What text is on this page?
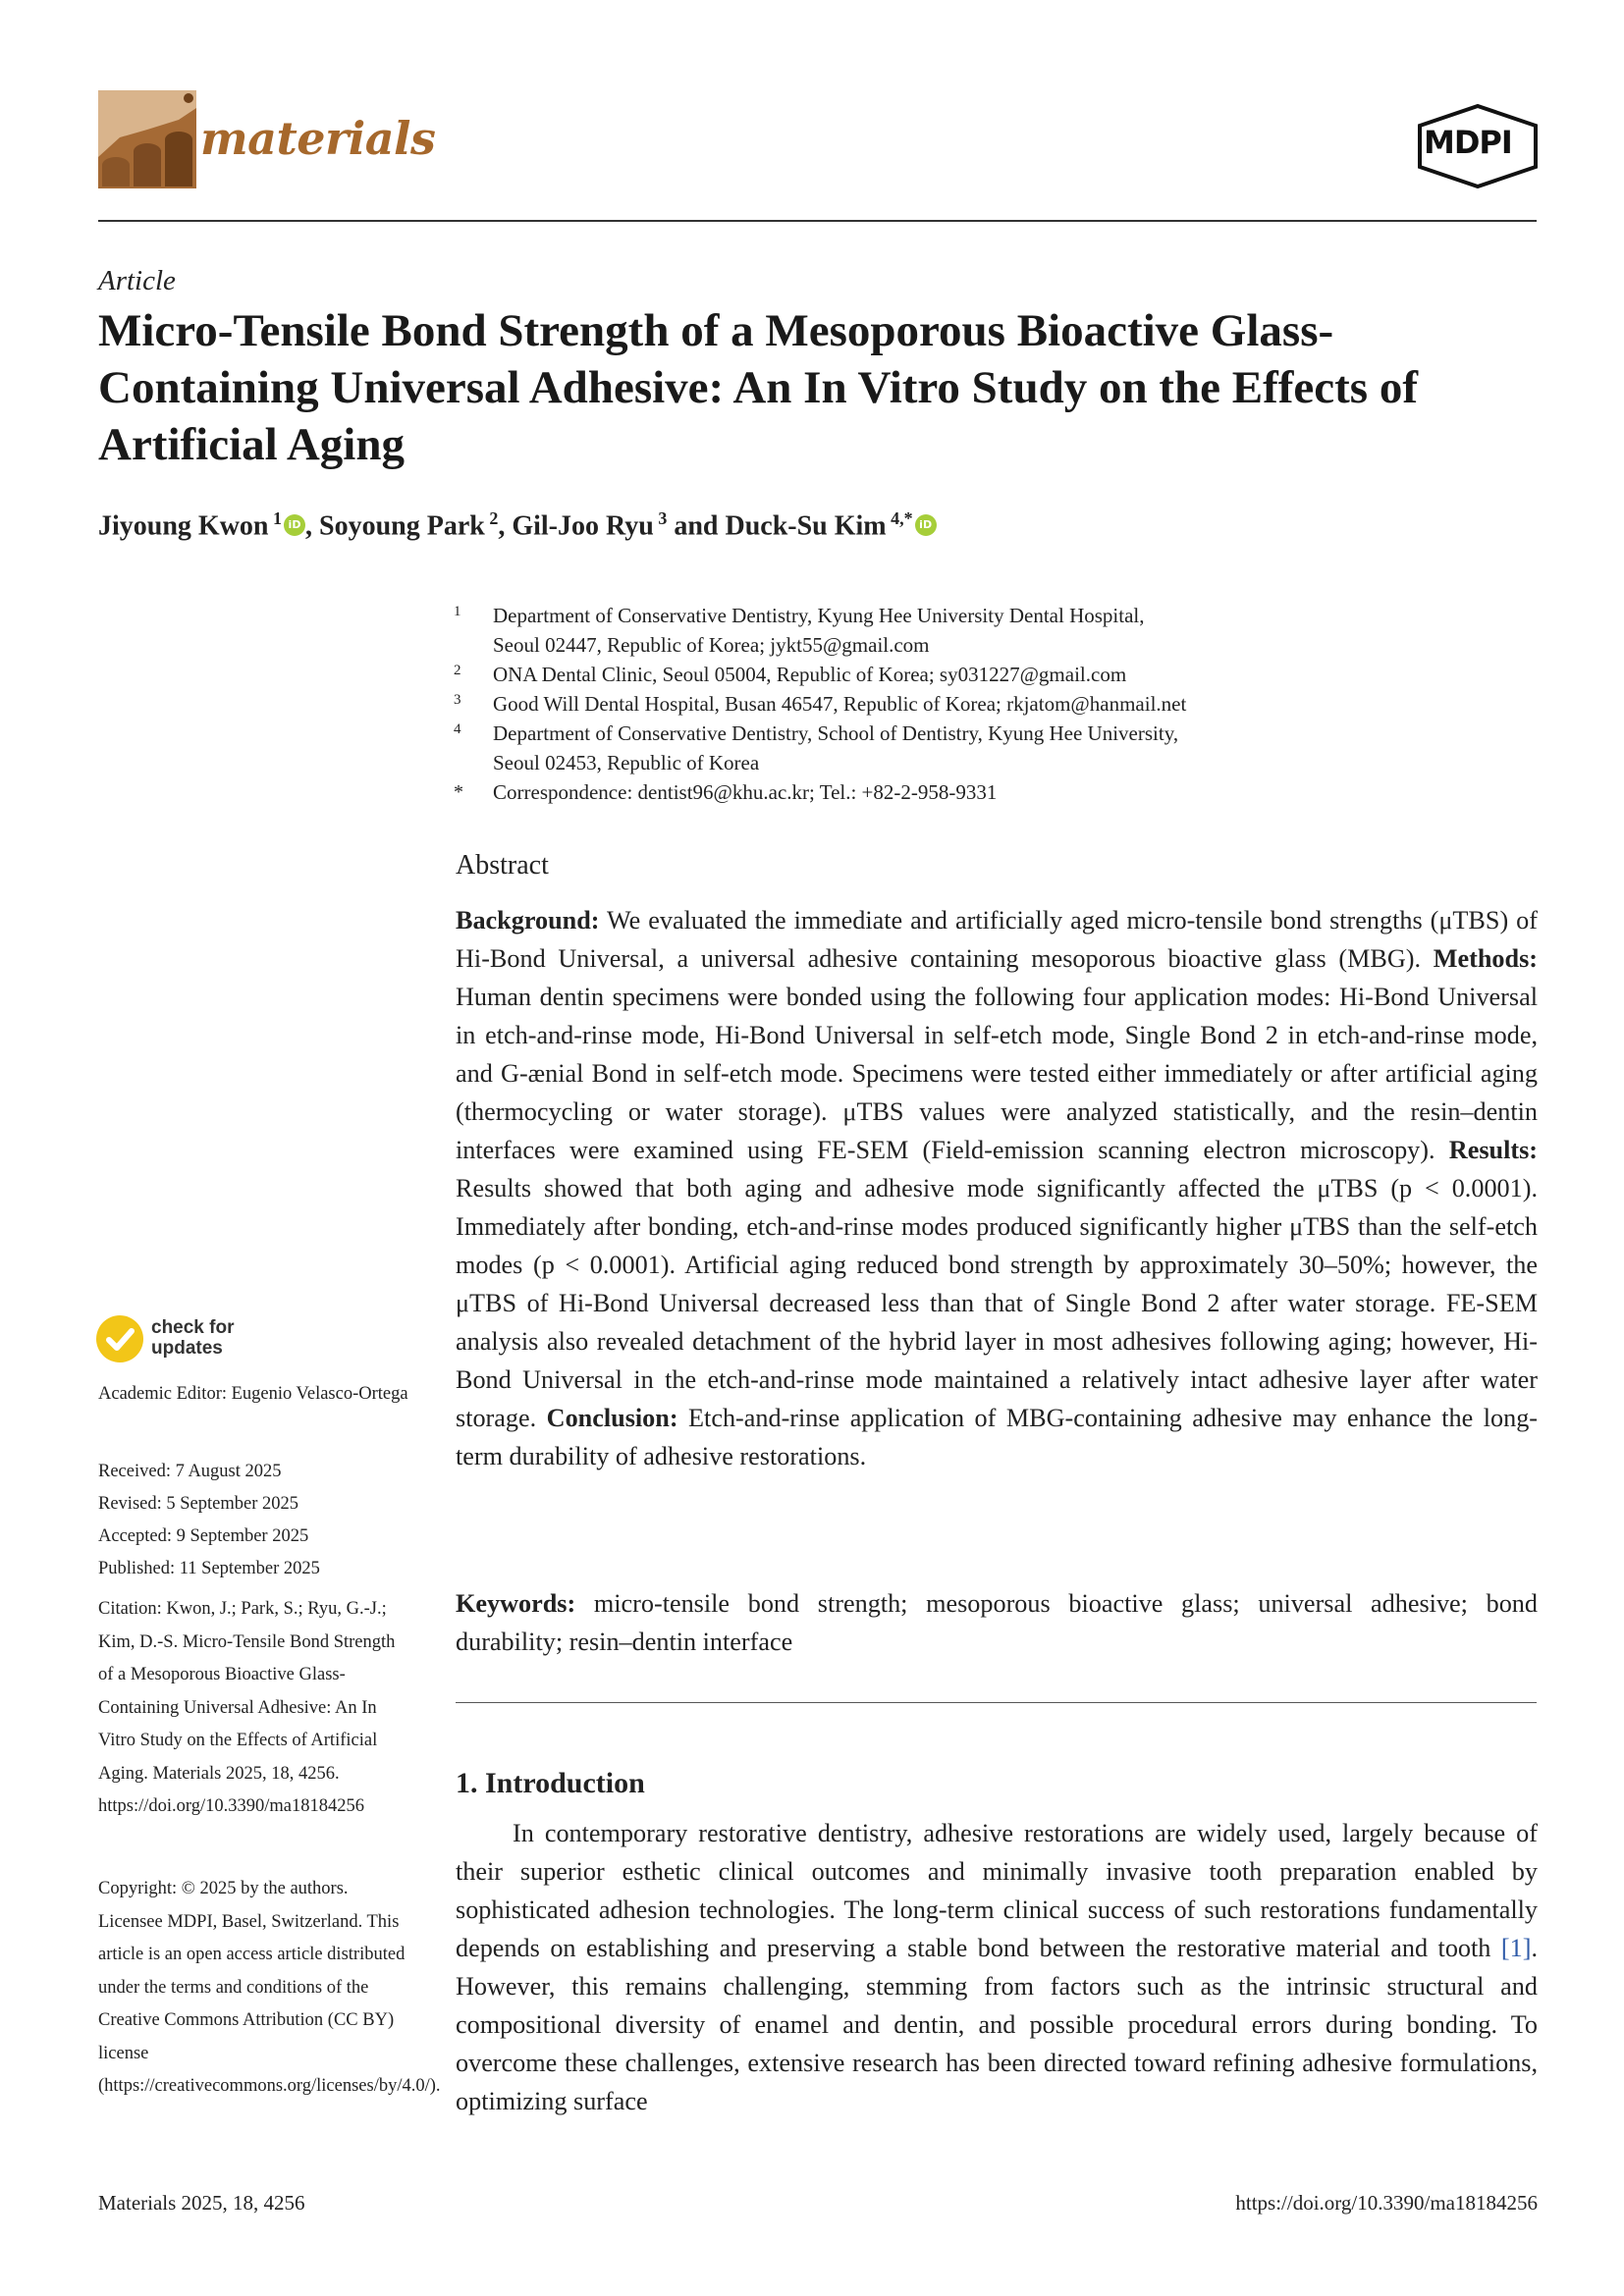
materials	MDPI
Article
Micro-Tensile Bond Strength of a Mesoporous Bioactive Glass-Containing Universal Adhesive: An In Vitro Study on the Effects of Artificial Aging
Jiyoung Kwon $^1$ iD , Soyoung Park $^2$, Gil-Joo Ryu $^3$ and Duck-Su Kim $^{4,*}$ iD
1 Department of Conservative Dentistry, Kyung Hee University Dental Hospital,
Seoul 02447, Republic of Korea; jykt55@gmail.com
2 ONA Dental Clinic, Seoul 05004, Republic of Korea; sy031227@gmail.com
3 Good Will Dental Hospital, Busan 46547, Republic of Korea; rkjatom@hanmail.net
4 Department of Conservative Dentistry, School of Dentistry, Kyung Hee University,
Seoul 02453, Republic of Korea
* Correspondence: dentist96@khu.ac.kr; Tel.: +82-2-958-9331
Abstract
Background: We evaluated the immediate and artificially aged micro-tensile bond strengths (μTBS) of Hi-Bond Universal, a universal adhesive containing mesoporous bioactive glass (MBG). Methods: Human dentin specimens were bonded using the following four application modes: Hi-Bond Universal in etch-and-rinse mode, Hi-Bond Universal in self-etch mode, Single Bond 2 in etch-and-rinse mode, and G-ænial Bond in self-etch mode. Specimens were tested either immediately or after artificial aging (thermocycling or water storage). μTBS values were analyzed statistically, and the resin–dentin interfaces were examined using FE-SEM (Field-emission scanning electron microscopy). Results: Results showed that both aging and adhesive mode significantly affected the μTBS (p < 0.0001). Immediately after bonding, etch-and-rinse modes produced significantly higher μTBS than the self-etch modes (p < 0.0001). Artificial aging reduced bond strength by approximately 30–50%; however, the μTBS of Hi-Bond Universal decreased less than that of Single Bond 2 after water storage. FE-SEM analysis also revealed detachment of the hybrid layer in most adhesives following aging; however, Hi-Bond Universal in the etch-and-rinse mode maintained a relatively intact adhesive layer after water storage. Conclusion: Etch-and-rinse application of MBG-containing adhesive may enhance the long-term durability of adhesive restorations.
Keywords: micro-tensile bond strength; mesoporous bioactive glass; universal adhesive; bond durability; resin–dentin interface
1. Introduction

In contemporary restorative dentistry, adhesive restorations are widely used, largely because of their superior esthetic clinical outcomes and minimally invasive tooth preparation enabled by sophisticated adhesion technologies. The long-term clinical success of such restorations fundamentally depends on establishing and preserving a stable bond between the restorative material and tooth [1]. However, this remains challenging, stemming from factors such as the intrinsic structural and compositional diversity of enamel and dentin, and possible procedural errors during bonding. To overcome these challenges, extensive research has been directed toward refining adhesive formulations, optimizing surface

check for
updates
Academic Editor: Eugenio Velasco-Ortega
Received: 7 August 2025
Revised: 5 September 2025
Accepted: 9 September 2025
Published: 11 September 2025
Citation: Kwon, J.; Park, S.; Ryu, G.-J.; Kim, D.-S. Micro-Tensile Bond Strength of a Mesoporous Bioactive Glass-Containing Universal Adhesive: An In Vitro Study on the Effects of Artificial Aging. Materials 2025, 18, 4256. https://doi.org/10.3390/ma18184256
Copyright: © 2025 by the authors. Licensee MDPI, Basel, Switzerland. This article is an open access article distributed under the terms and conditions of the Creative Commons Attribution (CC BY) license (https://creativecommons.org/licenses/by/4.0/).
Materials 2025, 18, 4256	https://doi.org/10.3390/ma18184256
